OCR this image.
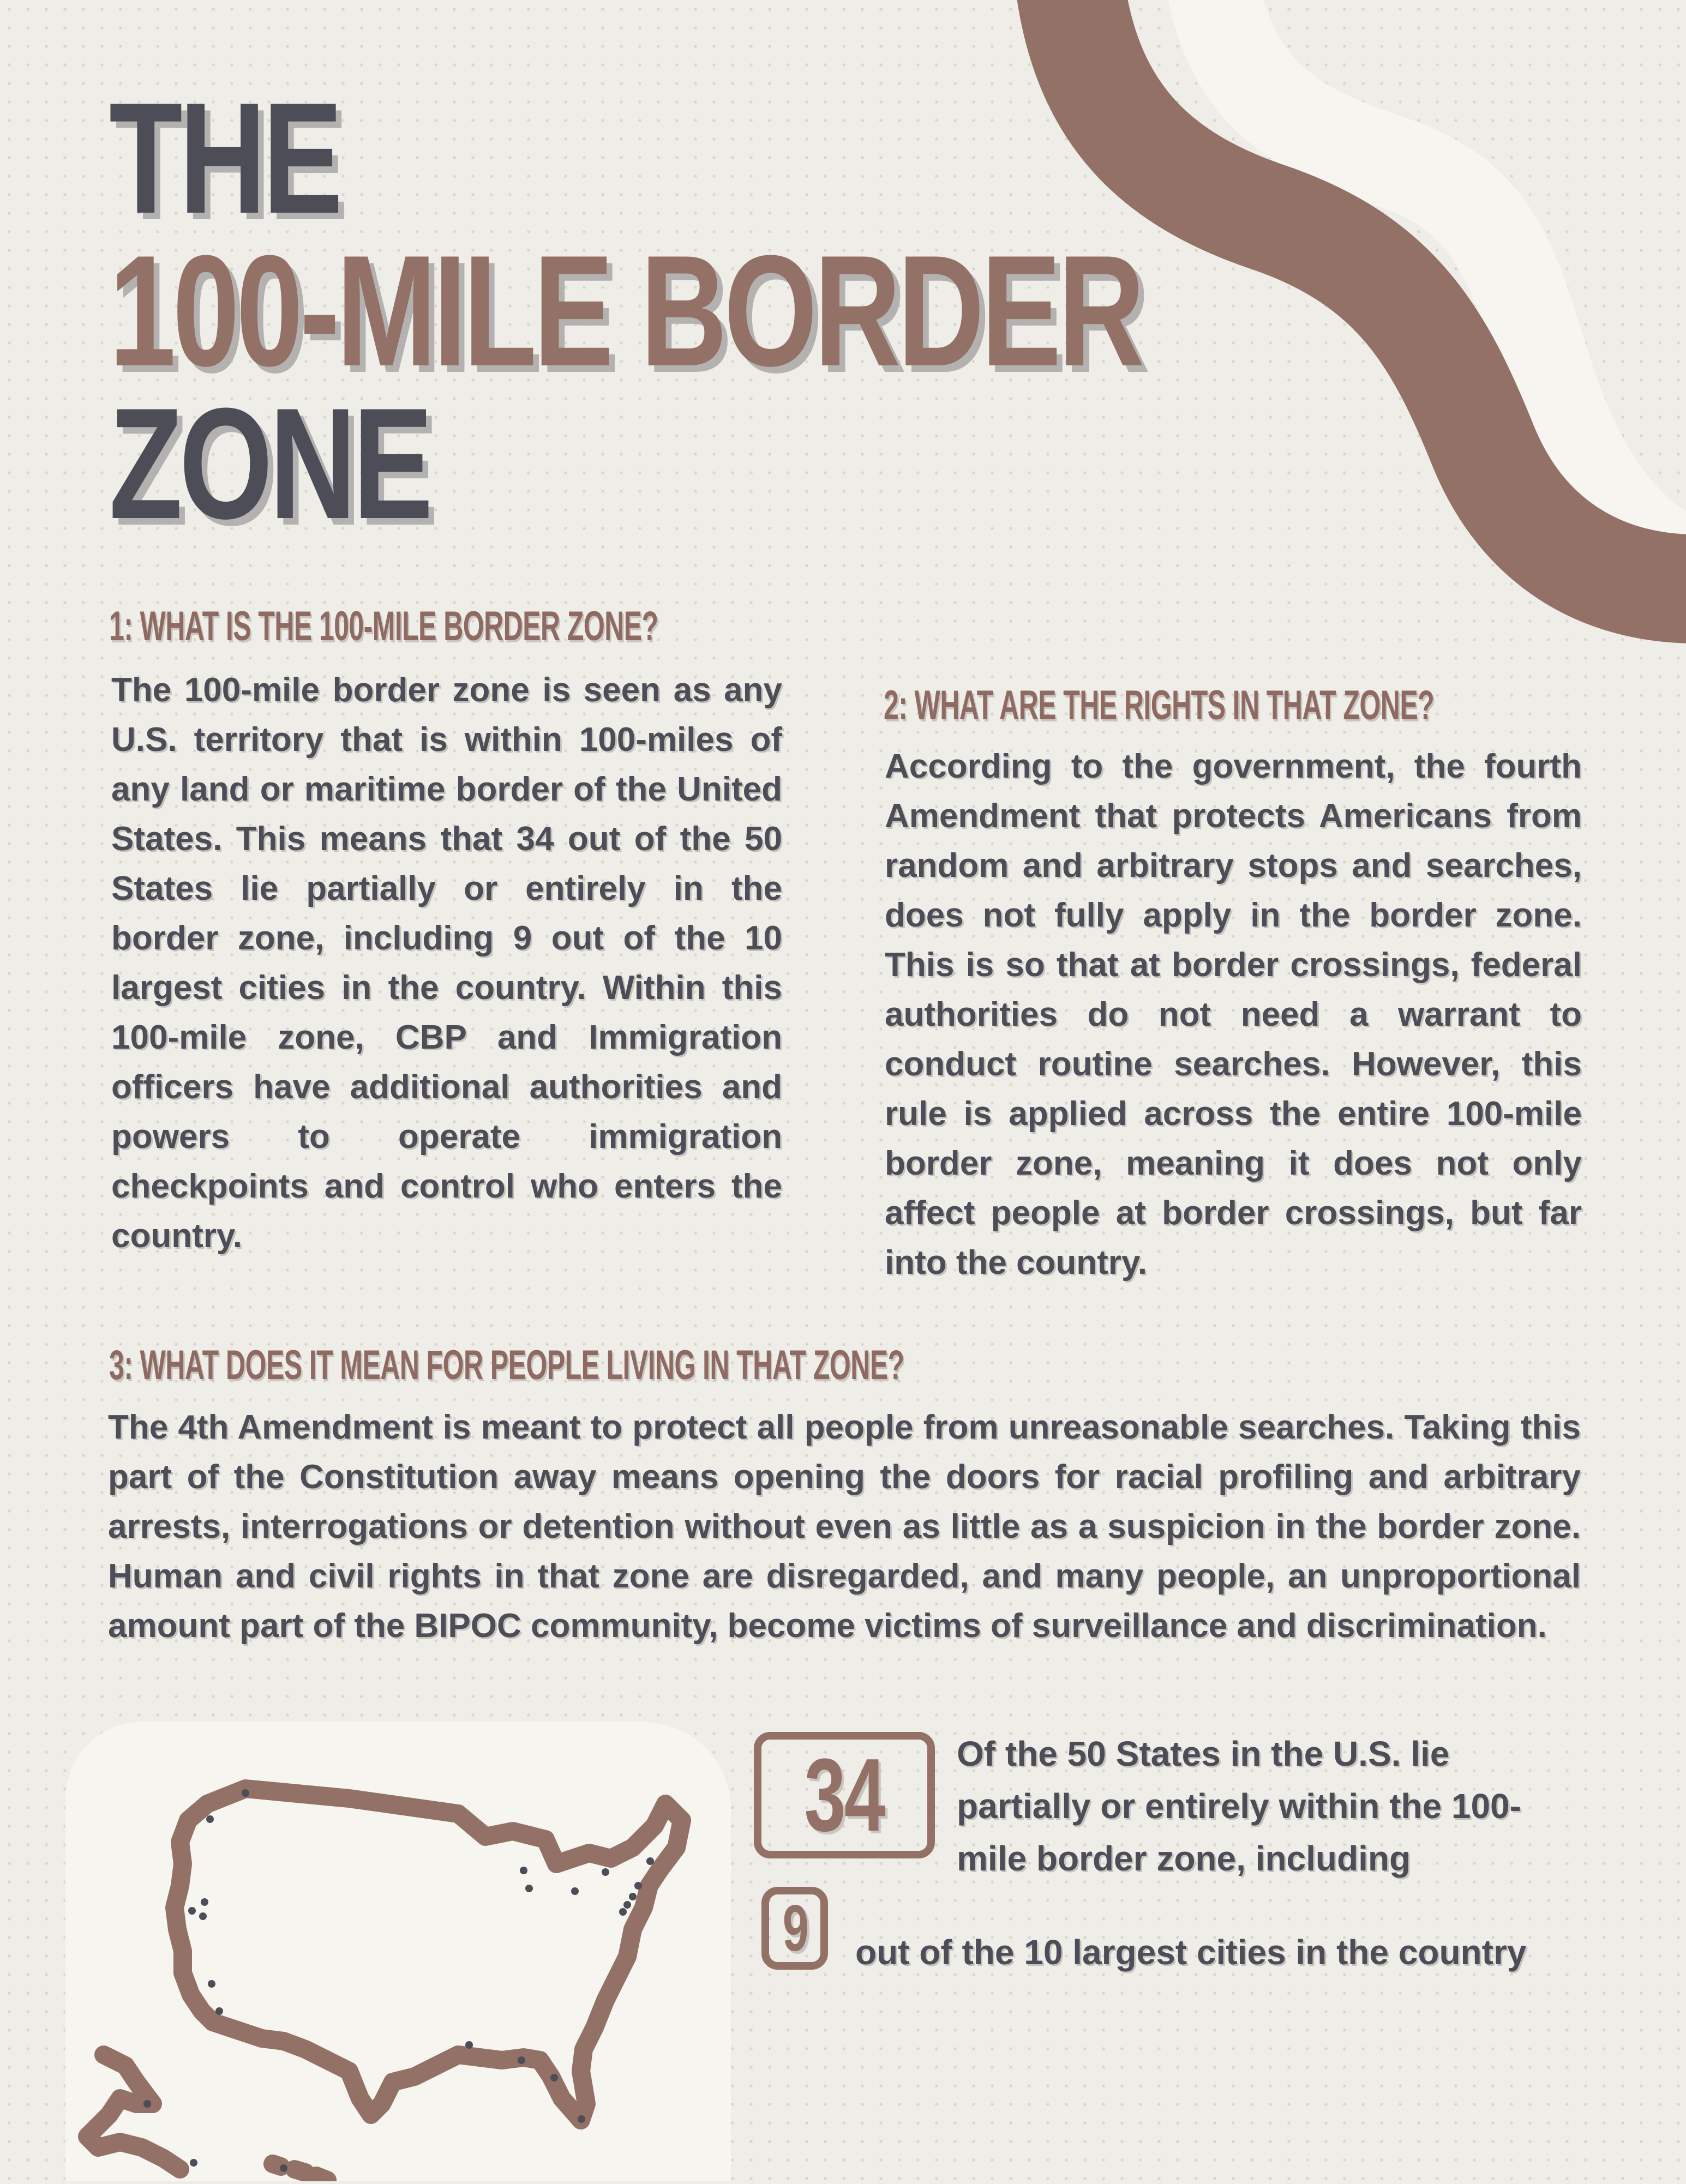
THE
100-MILE BORDER
ZONE
1: WHAT IS THE 100-MILE BORDER ZONE?

The 100-mile border zone is seen as any U.S. territory that is within 100-miles of any land or maritime border of the United States. This means that 34 out of the 50 States lie partially or entirely in the border zone, including 9 out of the 10 largest cities in the country. Within this 100-mile zone, CBP and Immigration officers have additional authorities and powers to operate immigration checkpoints and control who enters the country.

2: WHAT ARE THE RIGHTS IN THAT ZONE?

According to the government, the fourth Amendment that protects Americans from random and arbitrary stops and searches, does not fully apply in the border zone. This is so that at border crossings, federal authorities do not need a warrant to conduct routine searches. However, this rule is applied across the entire 100-mile border zone, meaning it does not only affect people at border crossings, but far into the country.

3: WHAT DOES IT MEAN FOR PEOPLE LIVING IN THAT ZONE?

The 4th Amendment is meant to protect all people from unreasonable searches. Taking this part of the Constitution away means opening the doors for racial profiling and arbitrary arrests, interrogations or detention without even as little as a suspicion in the border zone. Human and civil rights in that zone are disregarded, and many people, an unproportional amount part of the BIPOC community, become victims of surveillance and discrimination.

34 Of the 50 States in the U.S. lie partially or entirely within the 100-mile border zone, including

9 out of the 10 largest cities in the country
